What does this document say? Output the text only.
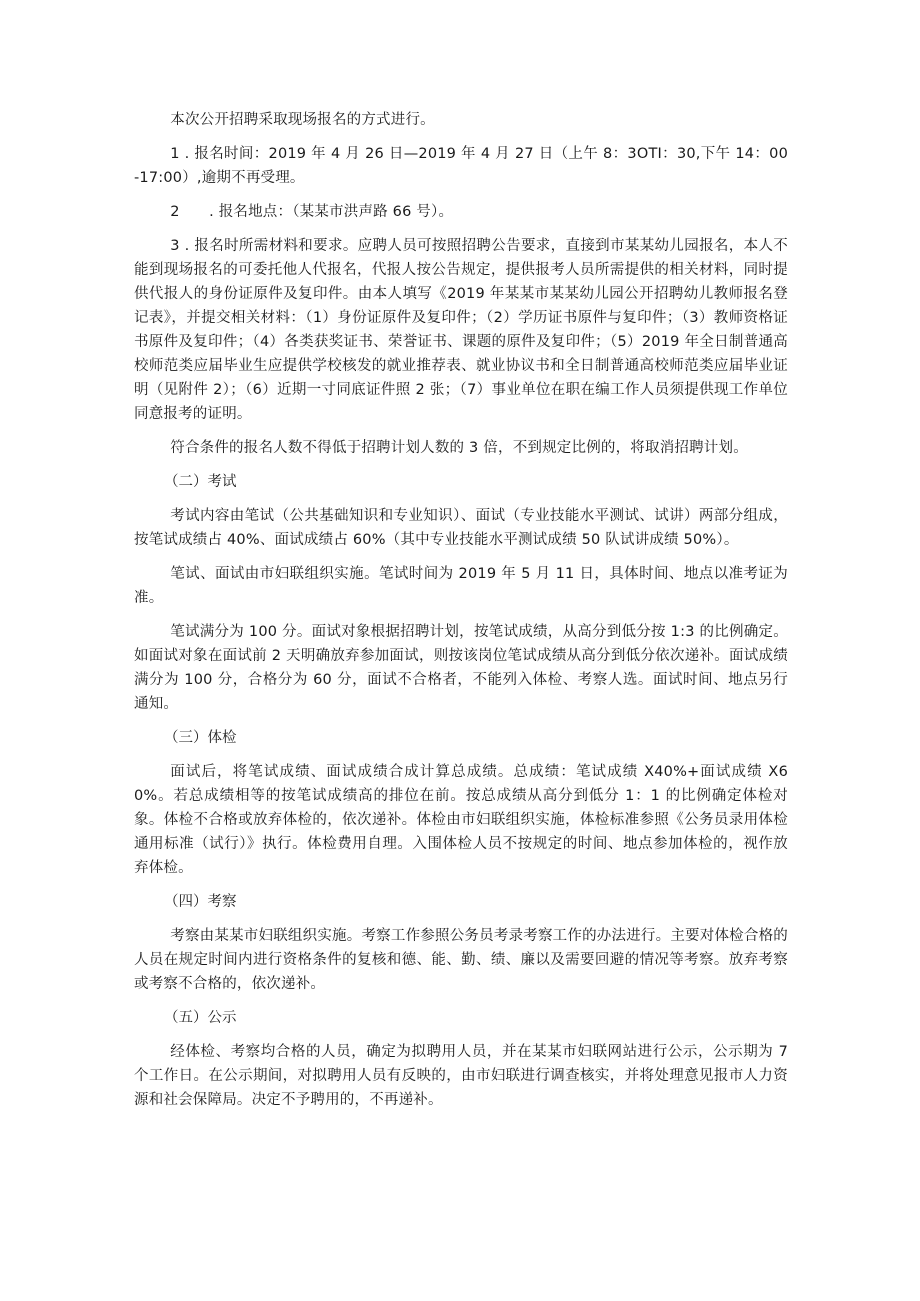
本次公开招聘采取现场报名的方式进行。

1 . 报名时间：2019 年 4 月 26 日—2019 年 4 月 27 日（上午 8：3OTI：30,下午 14：00-17:00）,逾期不再受理。

2　　. 报名地点：（某某市洪声路 66 号）。

3 . 报名时所需材料和要求。应聘人员可按照招聘公告要求，直接到市某某幼儿园报名，本人不能到现场报名的可委托他人代报名，代报人按公告规定，提供报考人员所需提供的相关材料，同时提供代报人的身份证原件及复印件。由本人填写《2019 年某某市某某幼儿园公开招聘幼儿教师报名登记表》，并提交相关材料：（1）身份证原件及复印件；（2）学历证书原件与复印件；（3）教师资格证书原件及复印件；（4）各类获奖证书、荣誉证书、课题的原件及复印件；（5）2019 年全日制普通高校师范类应届毕业生应提供学校核发的就业推荐表、就业协议书和全日制普通高校师范类应届毕业证明（见附件 2）；（6）近期一寸同底证件照 2 张；（7）事业单位在职在编工作人员须提供现工作单位同意报考的证明。

符合条件的报名人数不得低于招聘计划人数的 3 倍，不到规定比例的，将取消招聘计划。

（二）考试

考试内容由笔试（公共基础知识和专业知识）、面试（专业技能水平测试、试讲）两部分组成，按笔试成绩占 40%、面试成绩占 60%（其中专业技能水平测试成绩 50 队试讲成绩 50%）。

笔试、面试由市妇联组织实施。笔试时间为 2019 年 5 月 11 日，具体时间、地点以准考证为准。

笔试满分为 100 分。面试对象根据招聘计划，按笔试成绩，从高分到低分按 1:3 的比例确定。如面试对象在面试前 2 天明确放弃参加面试，则按该岗位笔试成绩从高分到低分依次递补。面试成绩满分为 100 分，合格分为 60 分，面试不合格者，不能列入体检、考察人选。面试时间、地点另行通知。

（三）体检

面试后，将笔试成绩、面试成绩合成计算总成绩。总成绩：笔试成绩 X40%+面试成绩 X60%。若总成绩相等的按笔试成绩高的排位在前。按总成绩从高分到低分 1：1 的比例确定体检对象。体检不合格或放弃体检的，依次递补。体检由市妇联组织实施，体检标准参照《公务员录用体检通用标准（试行）》执行。体检费用自理。入围体检人员不按规定的时间、地点参加体检的，视作放弃体检。

（四）考察

考察由某某市妇联组织实施。考察工作参照公务员考录考察工作的办法进行。主要对体检合格的人员在规定时间内进行资格条件的复核和德、能、勤、绩、廉以及需要回避的情况等考察。放弃考察或考察不合格的，依次递补。

（五）公示

经体检、考察均合格的人员，确定为拟聘用人员，并在某某市妇联网站进行公示，公示期为 7 个工作日。在公示期间，对拟聘用人员有反映的，由市妇联进行调查核实，并将处理意见报市人力资源和社会保障局。决定不予聘用的，不再递补。
